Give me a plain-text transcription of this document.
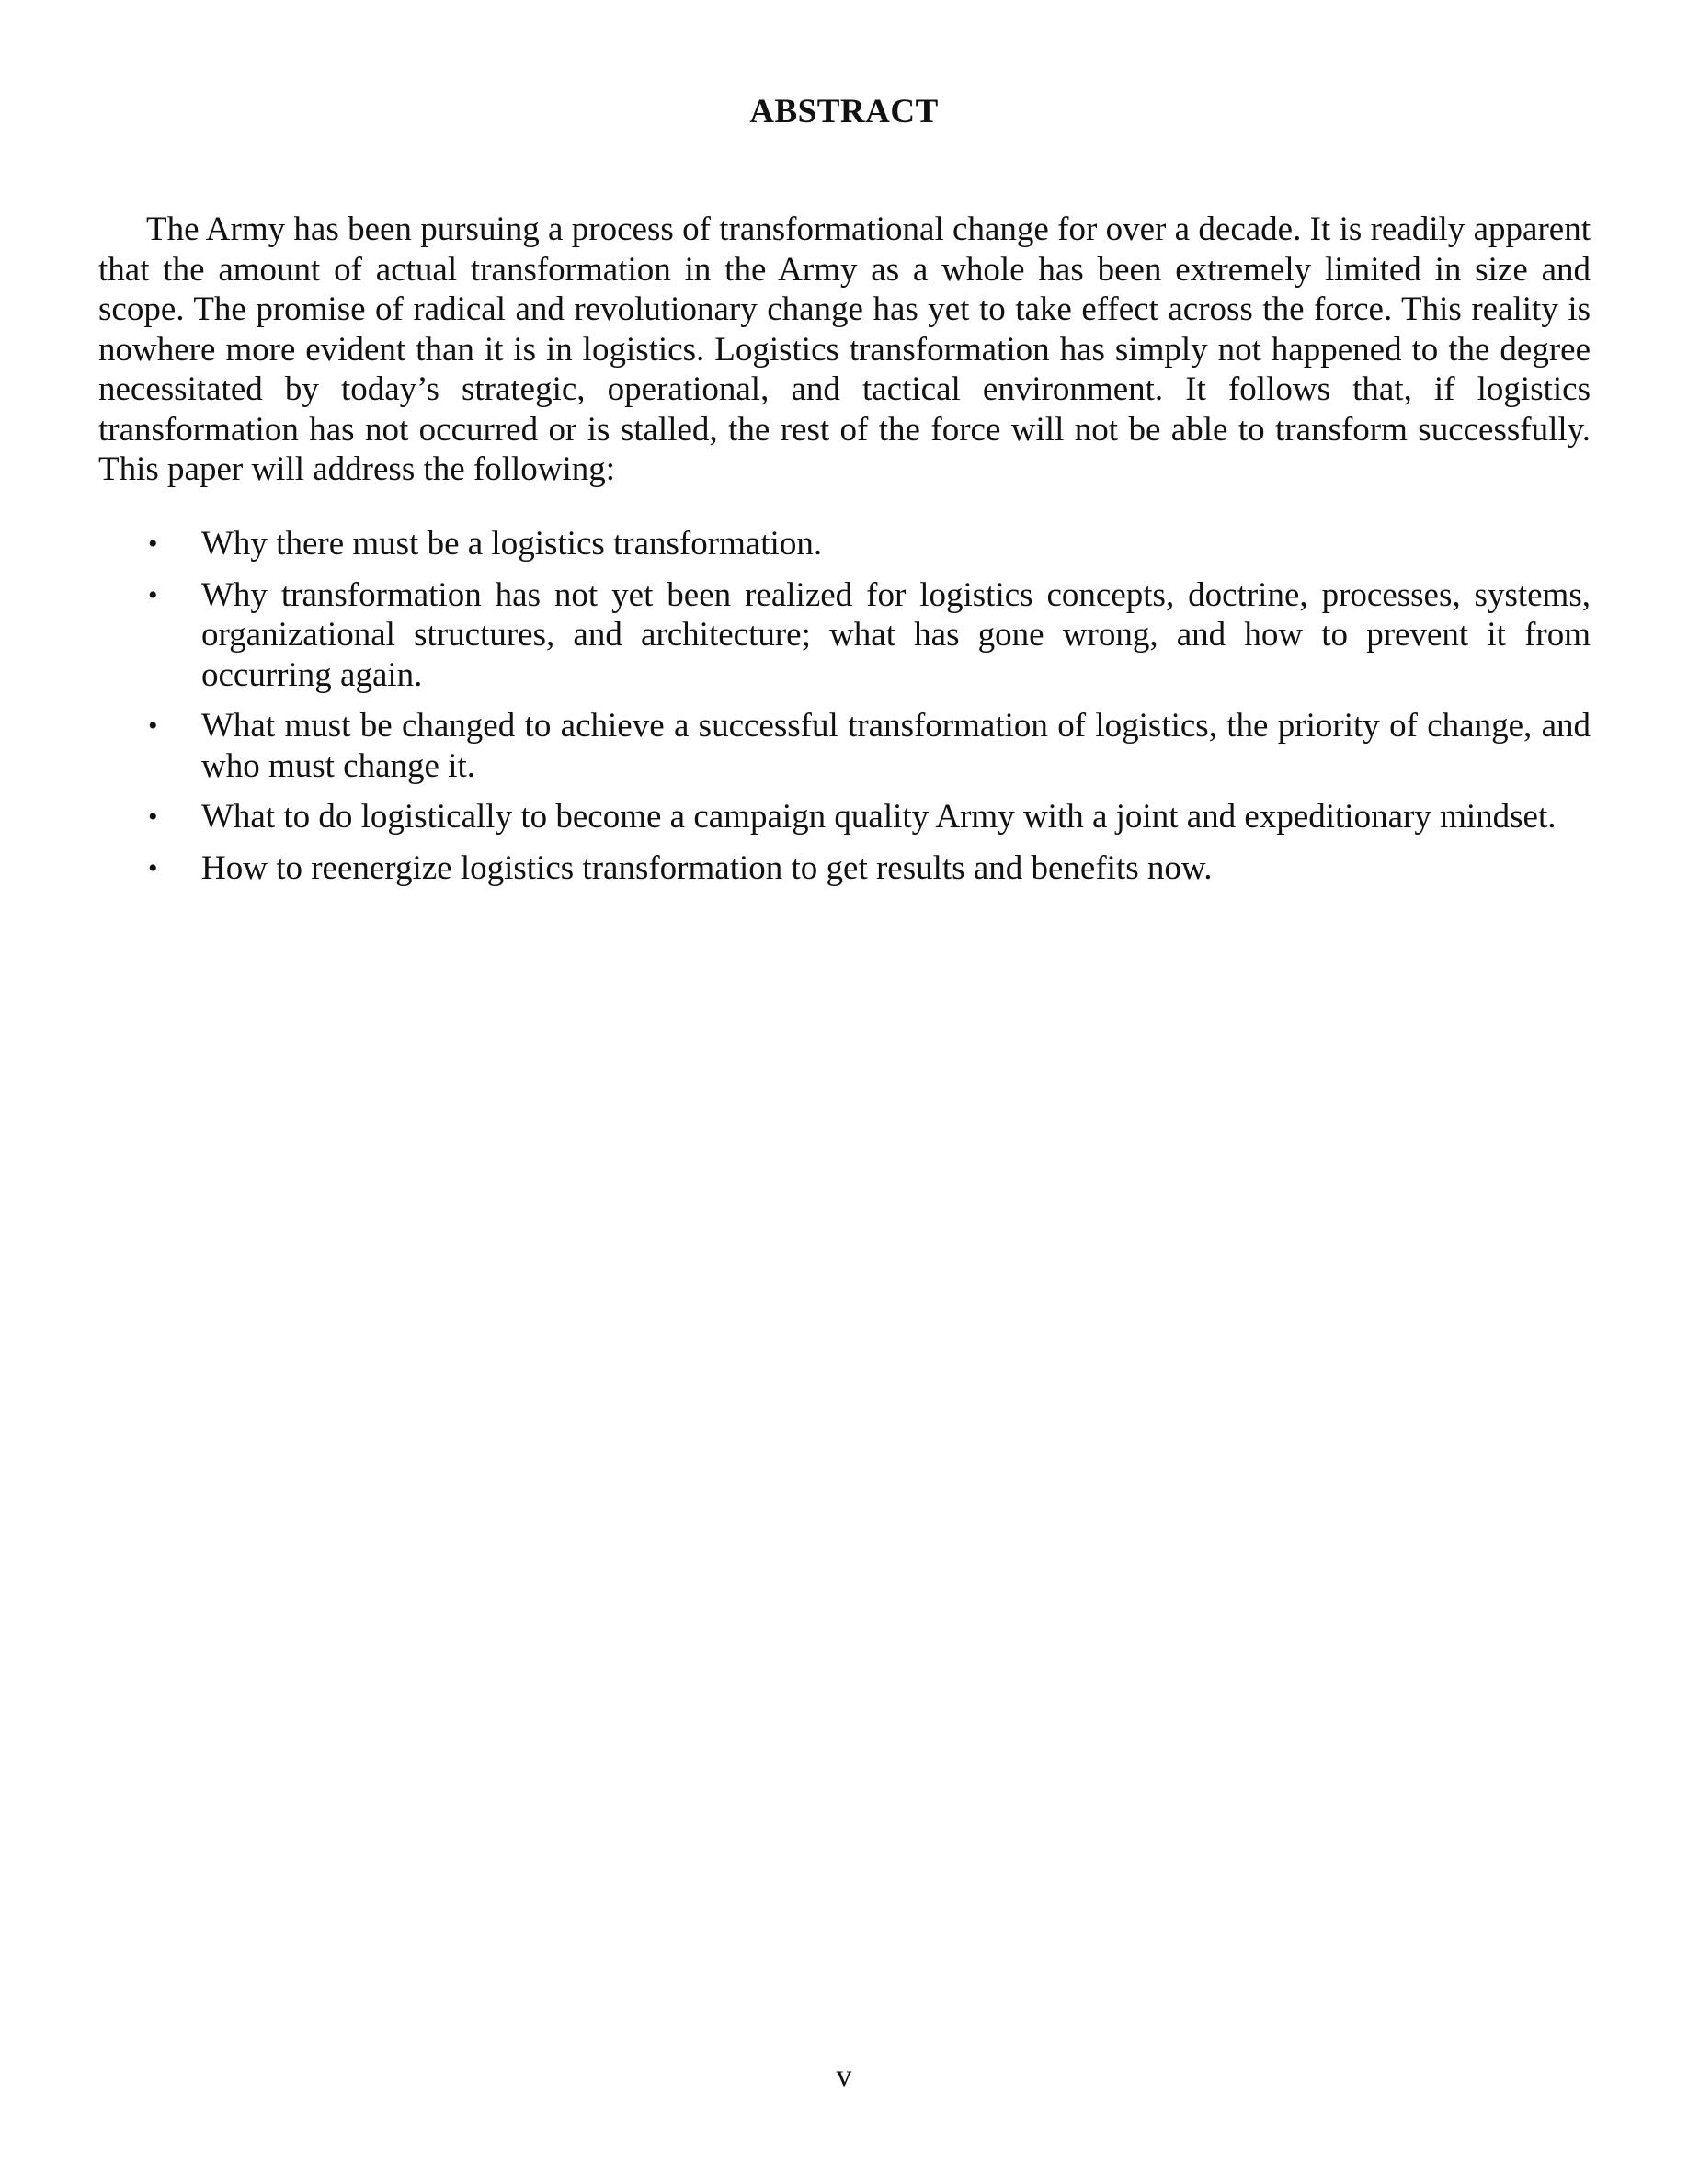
ABSTRACT

The Army has been pursuing a process of transformational change for over a decade. It is readily apparent that the amount of actual transformation in the Army as a whole has been extremely limited in size and scope. The promise of radical and revolutionary change has yet to take effect across the force. This reality is nowhere more evident than it is in logistics. Logistics transformation has simply not happened to the degree necessitated by today’s strategic, operational, and tactical environment. It follows that, if logistics transformation has not occurred or is stalled, the rest of the force will not be able to transform successfully. This paper will address the following:

• Why there must be a logistics transformation.
• Why transformation has not yet been realized for logistics concepts, doctrine, processes, systems, organizational structures, and architecture; what has gone wrong, and how to prevent it from occurring again.
• What must be changed to achieve a successful transformation of logistics, the priority of change, and who must change it.
• What to do logistically to become a campaign quality Army with a joint and expeditionary mindset.
• How to reenergize logistics transformation to get results and benefits now.
v
